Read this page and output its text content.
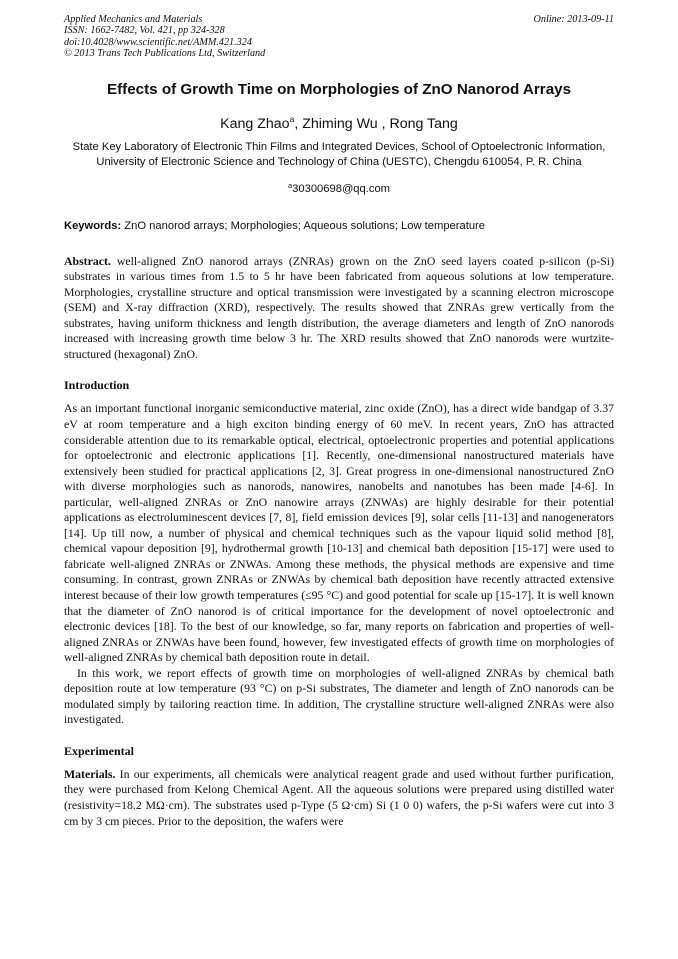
Applied Mechanics and Materials
ISSN: 1662-7482, Vol. 421, pp 324-328
doi:10.4028/www.scientific.net/AMM.421.324
© 2013 Trans Tech Publications Ltd, Switzerland
Online: 2013-09-11
Effects of Growth Time on Morphologies of ZnO Nanorod Arrays
Kang Zhao$^a$, Zhiming Wu , Rong Tang
State Key Laboratory of Electronic Thin Films and Integrated Devices, School of Optoelectronic Information, University of Electronic Science and Technology of China (UESTC), Chengdu 610054, P. R. China
$^a$30300698@qq.com
Keywords: ZnO nanorod arrays; Morphologies; Aqueous solutions; Low temperature

Abstract. well-aligned ZnO nanorod arrays (ZNRAs) grown on the ZnO seed layers coated p-silicon (p-Si) substrates in various times from 1.5 to 5 hr have been fabricated from aqueous solutions at low temperature. Morphologies, crystalline structure and optical transmission were investigated by a scanning electron microscope (SEM) and X-ray diffraction (XRD), respectively. The results showed that ZNRAs grew vertically from the substrates, having uniform thickness and length distribution, the average diameters and length of ZnO nanorods increased with increasing growth time below 3 hr. The XRD results showed that ZnO nanorods were wurtzite-structured (hexagonal) ZnO.

Introduction

As an important functional inorganic semiconductive material, zinc oxide (ZnO), has a direct wide bandgap of 3.37 eV at room temperature and a high exciton binding energy of 60 meV. In recent years, ZnO has attracted considerable attention due to its remarkable optical, electrical, optoelectronic properties and potential applications for optoelectronic and electronic applications [1]. Recently, one-dimensional nanostructured materials have extensively been studied for practical applications [2, 3]. Great progress in one-dimensional nanostructured ZnO with diverse morphologies such as nanorods, nanowires, nanobelts and nanotubes has been made [4-6]. In particular, well-aligned ZNRAs or ZnO nanowire arrays (ZNWAs) are highly desirable for their potential applications as electroluminescent devices [7, 8], field emission devices [9], solar cells [11-13] and nanogenerators [14]. Up till now, a number of physical and chemical techniques such as the vapour liquid solid method [8], chemical vapour deposition [9], hydrothermal growth [10-13] and chemical bath deposition [15-17] were used to fabricate well-aligned ZNRAs or ZNWAs. Among these methods, the physical methods are expensive and time consuming. In contrast, grown ZNRAs or ZNWAs by chemical bath deposition have recently attracted extensive interest because of their low growth temperatures (≤95 °C) and good potential for scale up [15-17]. It is well known that the diameter of ZnO nanorod is of critical importance for the development of novel optoelectronic and electronic devices [18]. To the best of our knowledge, so far, many reports on fabrication and properties of well-aligned ZNRAs or ZNWAs have been found, however, few investigated effects of growth time on morphologies of well-aligned ZNRAs by chemical bath deposition route in detail.

In this work, we report effects of growth time on morphologies of well-aligned ZNRAs by chemical bath deposition route at low temperature (93 °C) on p-Si substrates, The diameter and length of ZnO nanorods can be modulated simply by tailoring reaction time. In addition, The crystalline structure well-aligned ZNRAs were also investigated.

Experimental

Materials. In our experiments, all chemicals were analytical reagent grade and used without further purification, they were purchased from Kelong Chemical Agent. All the aqueous solutions were prepared using distilled water (resistivity=18.2 MΩ·cm). The substrates used p-Type (5 Ω·cm) Si (1 0 0) wafers, the p-Si wafers were cut into 3 cm by 3 cm pieces. Prior to the deposition, the wafers were
